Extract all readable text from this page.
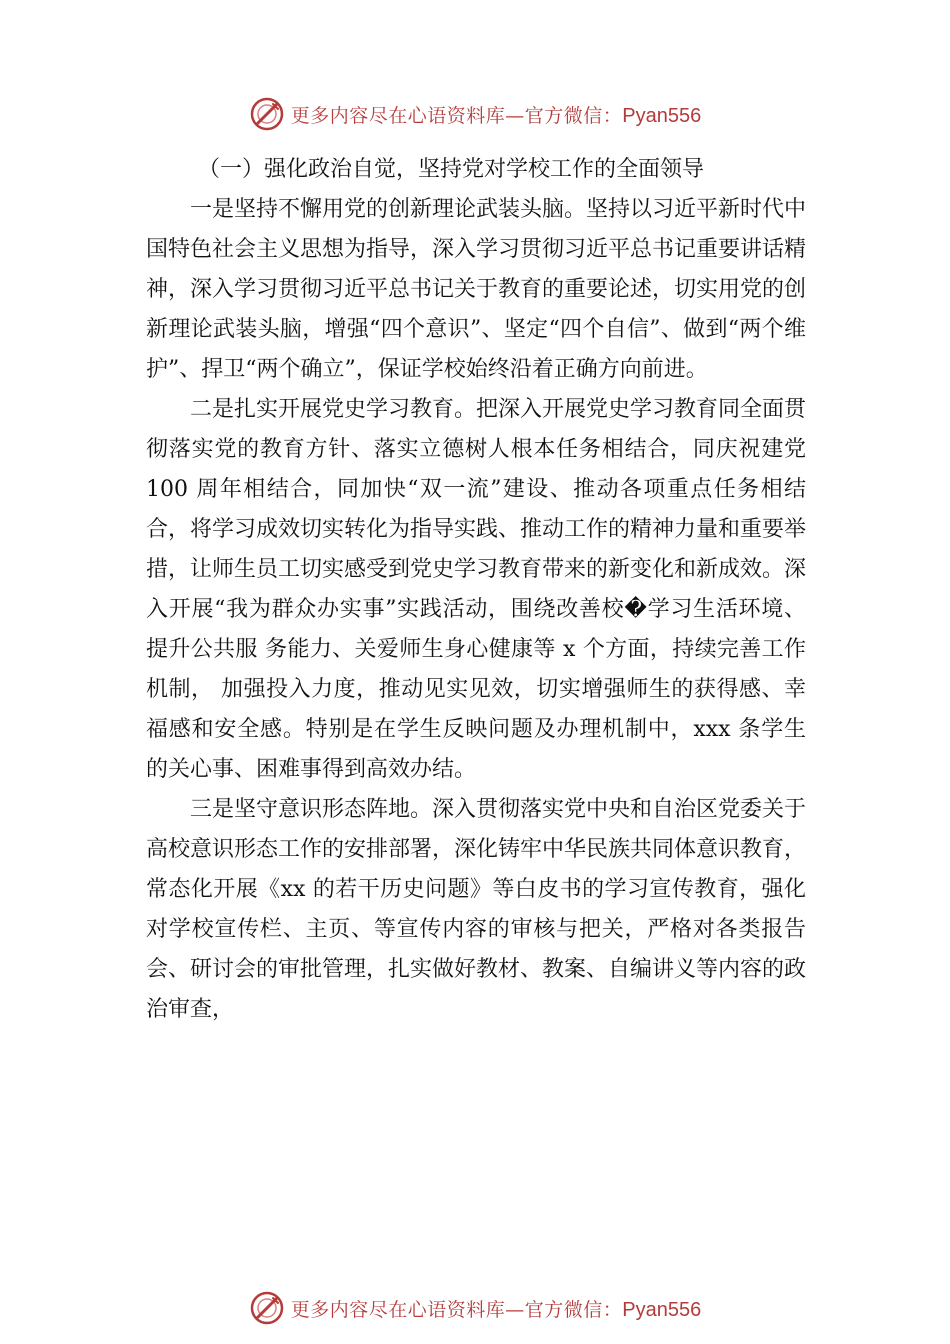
更多内容尽在心语资料库—官方微信：Pyan556

（一）强化政治自觉，坚持党对学校工作的全面领导

一是坚持不懈用党的创新理论武装头脑。坚持以习近平新时代中国特色社会主义思想为指导，深入学习贯彻习近平总书记重要讲话精神，深入学习贯彻习近平总书记关于教育的重要论述，切实用党的创新理论武装头脑，增强“四个意识”、坚定“四个自信”、做到“两个维护”、捍卫“两个确立”，保证学校始终沿着正确方向前进。

二是扎实开展党史学习教育。把深入开展党史学习教育同全面贯彻落实党的教育方针、落实立德树人根本任务相结合，同庆祝建党 100 周年相结合，同加快“双一流”建设、推动各项重点任务相结合，将学习成效切实转化为指导实践、推动工作的精神力量和重要举措，让师生员工切实感受到党史学习教育带来的新变化和新成效。深入开展“我为群众办实事”实践活动，围绕改善校�学习生活环境、提升公共服 务能力、关爱师生身心健康等 x 个方面，持续完善工作机制， 加强投入力度，推动见实见效，切实增强师生的获得感、幸 福感和安全感。特别是在学生反映问题及办理机制中，xxx 条学生的关心事、困难事得到高效办结。

三是坚守意识形态阵地。深入贯彻落实党中央和自治区党委关于高校意识形态工作的安排部署，深化铸牢中华民族共同体意识教育，常态化开展《xx 的若干历史问题》等白皮书的学习宣传教育，强化对学校宣传栏、主页、等宣传内容的审核与把关，严格对各类报告会、研讨会的审批管理，扎实做好教材、教案、自编讲义等内容的政治审查，

更多内容尽在心语资料库—官方微信：Pyan556
